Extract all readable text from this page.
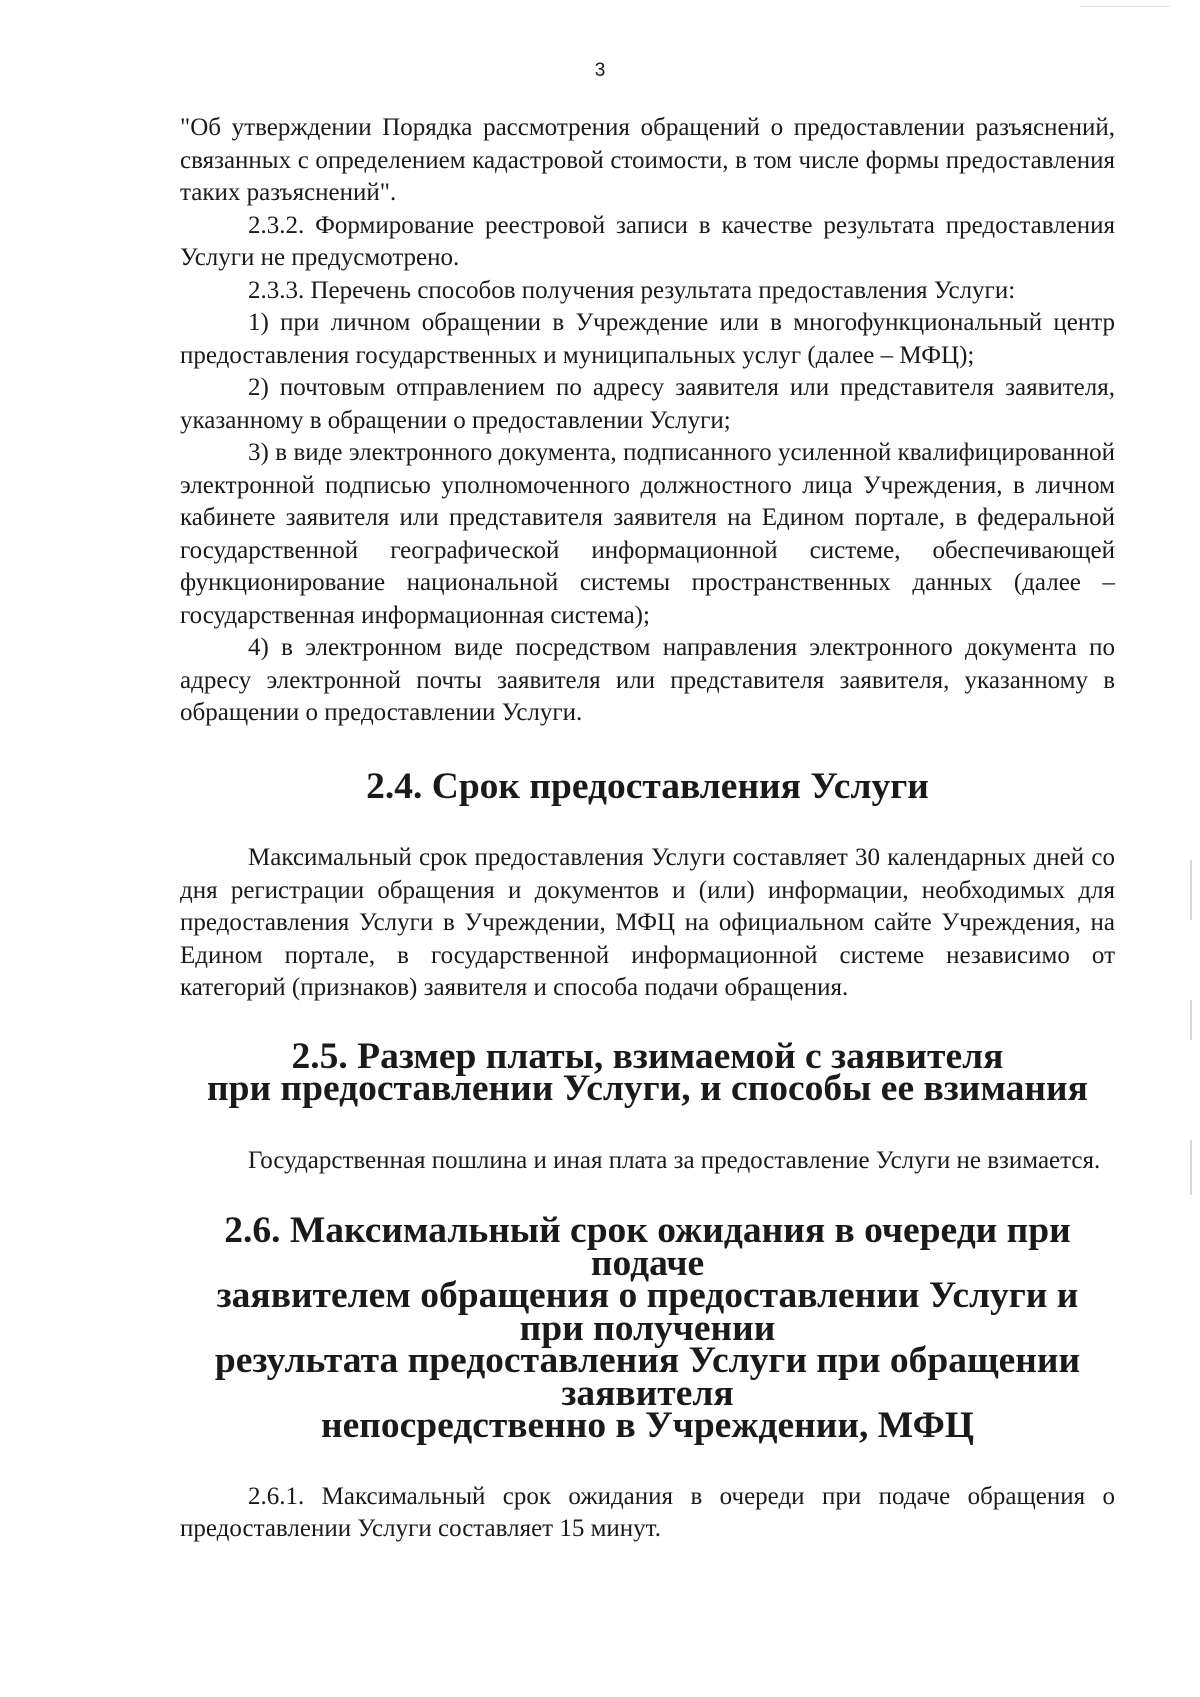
3

"Об утверждении Порядка рассмотрения обращений о предоставлении разъяснений, связанных с определением кадастровой стоимости, в том числе формы предоставления таких разъяснений".

2.3.2. Формирование реестровой записи в качестве результата предоставления Услуги не предусмотрено.

2.3.3. Перечень способов получения результата предоставления Услуги:

1) при личном обращении в Учреждение или в многофункциональный центр предоставления государственных и муниципальных услуг (далее – МФЦ);

2) почтовым отправлением по адресу заявителя или представителя заявителя, указанному в обращении о предоставлении Услуги;

3) в виде электронного документа, подписанного усиленной квалифицированной электронной подписью уполномоченного должностного лица Учреждения, в личном кабинете заявителя или представителя заявителя на Едином портале, в федеральной государственной географической информационной системе, обеспечивающей функционирование национальной системы пространственных данных (далее – государственная информационная система);

4) в электронном виде посредством направления электронного документа по адресу электронной почты заявителя или представителя заявителя, указанному в обращении о предоставлении Услуги.

2.4. Срок предоставления Услуги

Максимальный срок предоставления Услуги составляет 30 календарных дней со дня регистрации обращения и документов и (или) информации, необходимых для предоставления Услуги в Учреждении, МФЦ на официальном сайте Учреждения, на Едином портале, в государственной информационной системе независимо от категорий (признаков) заявителя и способа подачи обращения.

2.5. Размер платы, взимаемой с заявителя
при предоставлении Услуги, и способы ее взимания

Государственная пошлина и иная плата за предоставление Услуги не взимается.

2.6. Максимальный срок ожидания в очереди при подаче
заявителем обращения о предоставлении Услуги и при получении
результата предоставления Услуги при обращении заявителя
непосредственно в Учреждении, МФЦ

2.6.1. Максимальный срок ожидания в очереди при подаче обращения о предоставлении Услуги составляет 15 минут.
